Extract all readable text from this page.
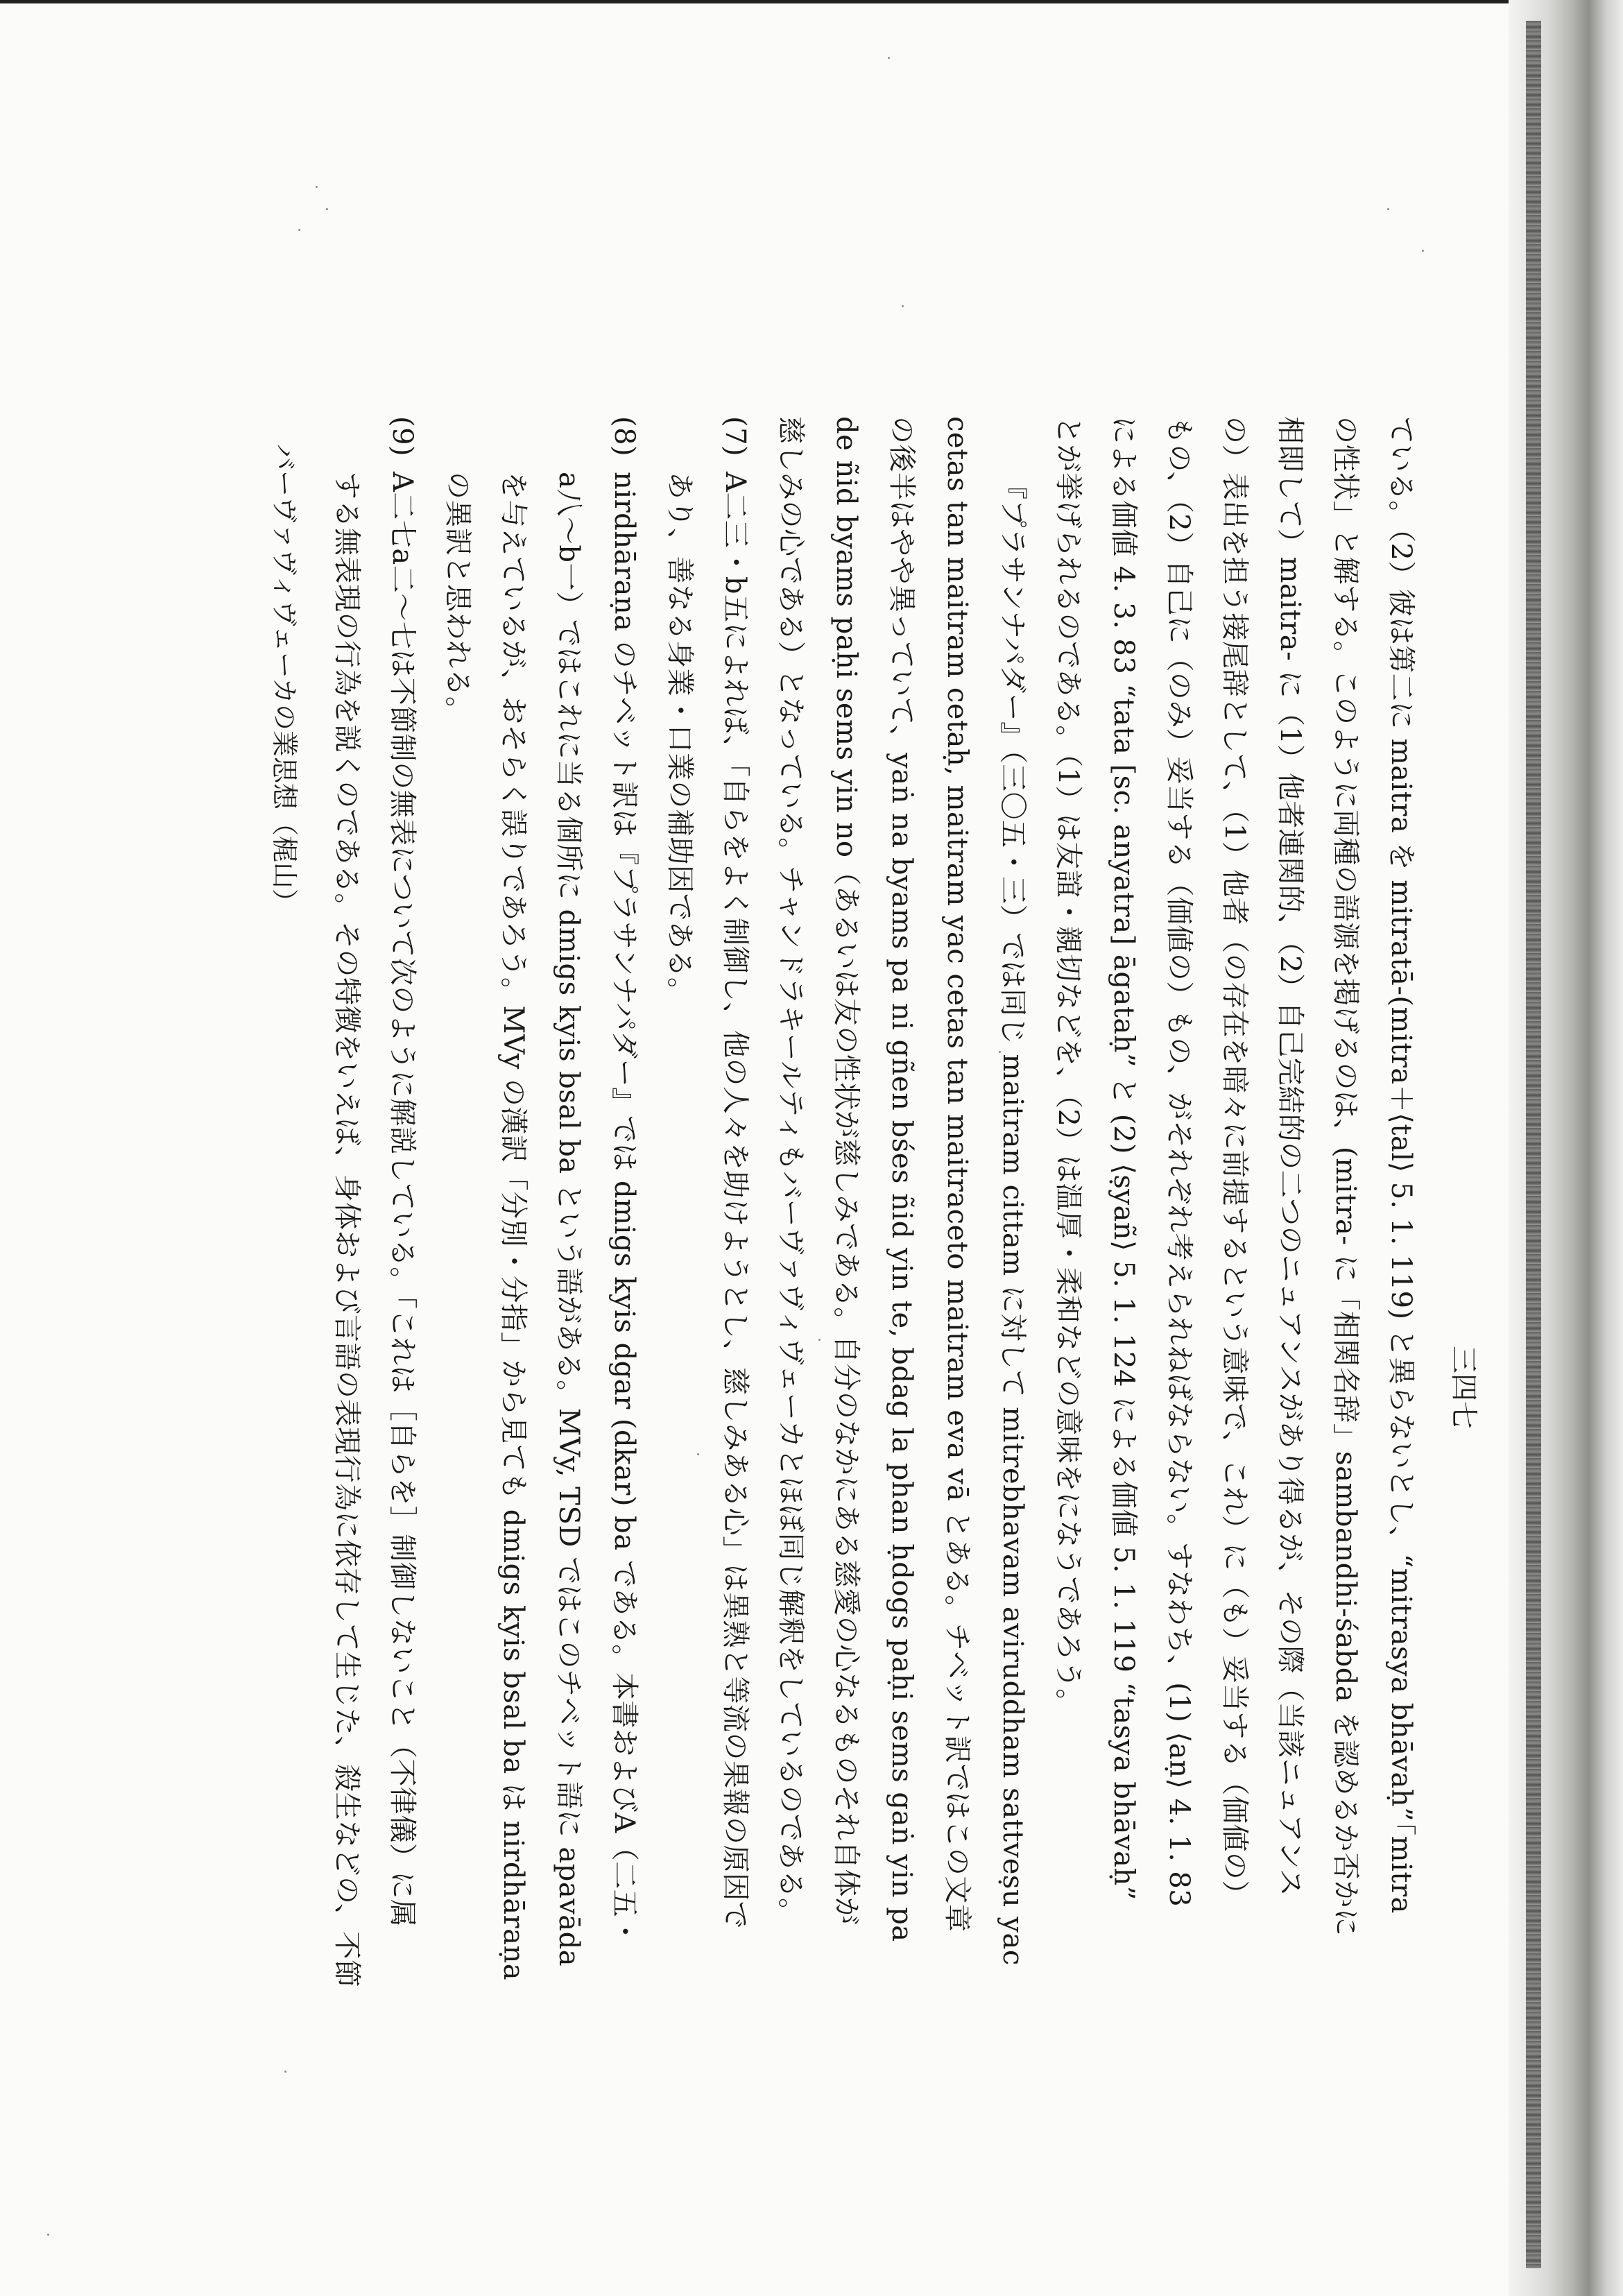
ている。（2）彼は第二に maitra を mitratā-(mitra＋⟨tal⟩ 5. 1. 119) と異らないとし、“mitrasya bhāvaḥ”「mitra
の性状」と解する。このように両種の語源を掲げるのは、(mitra- に「相関名辞」sambandhi-śabda を認めるか否かに
相即して）maitra- に（1）他者連関的、（2）自己完結的の二つのニュアンスがあり得るが、その際（当該ニュアンス
の）表出を担う接尾辞として、（1）他者（の存在を暗々に前提するという意味で、これ）に（も）妥当する（価値の）
もの、（2）自己に（のみ）妥当する（価値の）もの、がそれぞれ考えられねばならない。すなわち、(1) ⟨aṇ⟩ 4. 1. 83
による価値 4. 3. 83 “tata [sc. anyatra] āgataḥ” と (2) ⟨ṣyañ⟩ 5. 1. 124 による価値 5. 1. 119 “tasya bhāvaḥ”
とが挙げられるのである。（1）は友誼・親切などを、（2）は温厚・柔和などの意味をになうであろう。
『プラサンナパダー』（三〇五・三）では同じ maitram cittam に対して mitrebhavam aviruddham sattveṣu yac
cetas tan maitram cetaḥ, maitram yac cetas tan maitraceto maitram eva vā とある。チベット訳ではこの文章
の後半はやや異っていて、yaṅ na byams pa ni gñen bśes ñid yin te, bdag la phan ḥdogs paḥi sems gaṅ yin pa
de ñid byams paḥi sems yin no（あるいは友の性状が慈しみである。自分のなかにある慈愛の心なるものそれ自体が
慈しみの心である）となっている。チャンドラキールティもバーヴァヴィヴェーカとほぼ同じ解釈をしているのである。
(7)A二三・b五によれば、「自らをよく制御し、他の人々を助けようとし、慈しみある心」は異熟と等流の果報の原因で
あり、善なる身業・口業の補助因である。
(8)nirdhāraṇa のチベット訳は『プラサンナパダー』では dmigs kyis dgar (dkar) ba である。本書およびA（二五・
a八～b一）ではこれに当る個所に dmigs kyis bsal ba という語がある。MVy, TSD ではこのチベット語に apavāda
を与えているが、おそらく誤りであろう。MVy の漢訳「分別・分指」から見ても dmigs kyis bsal ba は nirdhāraṇa
の異訳と思われる。
(9)A二七a二～七は不節制の無表について次のように解説している。「これは［自らを］制御しないこと（不律儀）に属
する無表現の行為を説くのである。その特徴をいえば、身体および言語の表現行為に依存して生じた、殺生などの、不節
バーヴァヴィヴェーカの業思想（梶山）
三四七
